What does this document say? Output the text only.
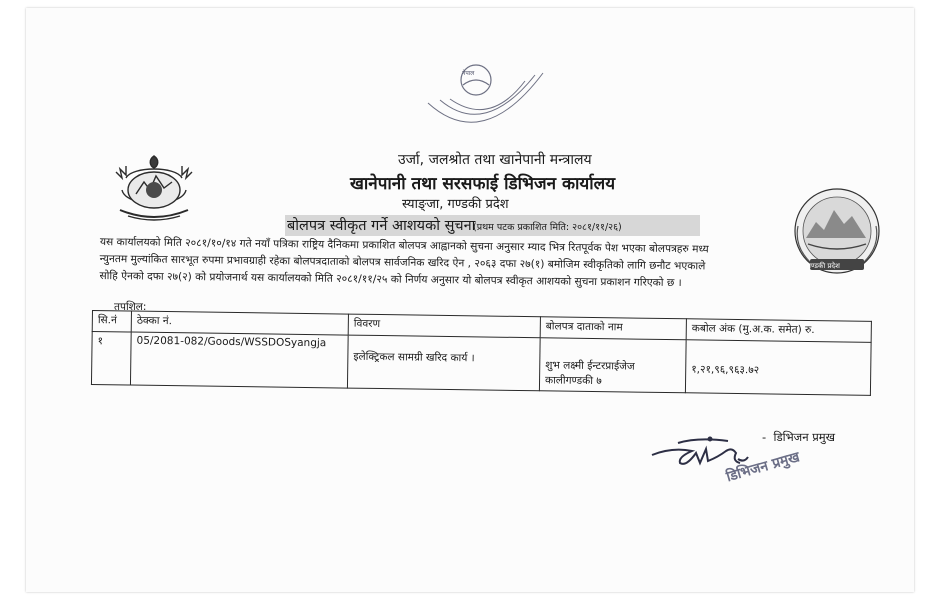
नेपाल
गण्डकी प्रदेश
उर्जा, जलश्रोत तथा खानेपानी मन्त्रालय
खानेपानी तथा सरसफाई डिभिजन कार्यालय
स्याङ्जा, गण्डकी प्रदेश
बोलपत्र स्वीकृत गर्ने आशयको सुचना
(प्रथम पटक प्रकाशित मिति: २०८१/११/२६)
यस कार्यालयको मिति २०८१/१०/१४ गते नयाँ पत्रिका राष्ट्रिय दैनिकमा प्रकाशित बोलपत्र आह्वानको सुचना अनुसार म्याद भित्र रितपूर्वक पेश भएका बोलपत्रहरु मध्य
न्युनतम मुल्यांकित सारभूत रुपमा प्रभावग्राही रहेका बोलपत्रदाताको बोलपत्र सार्वजनिक खरिद ऐन , २०६३ दफा २७(१) बमोजिम स्वीकृतिको लागि छनौट भएकाले
सोहि ऐनको दफा २७(२) को प्रयोजनार्थ यस कार्यालयको मिति २०८१/११/२५ को निर्णय अनुसार यो बोलपत्र स्वीकृत आशयको सुचना प्रकाशन गरिएको छ ।
तपशिल:
सि.नं	ठेक्का नं.	विवरण	बोलपत्र दाताको नाम	कबोल अंक (मु.अ.क. समेत) रु.
१	05/2081-082/Goods/WSSDOSyangja	इलेक्ट्रिकल सामग्री खरिद कार्य ।	शुभ लक्ष्मी ईन्टरप्राईजेज
कालीगण्डकी ७	१,२१,९६,९६३.७२
-  डिभिजन प्रमुख
डिभिजन प्रमुख
